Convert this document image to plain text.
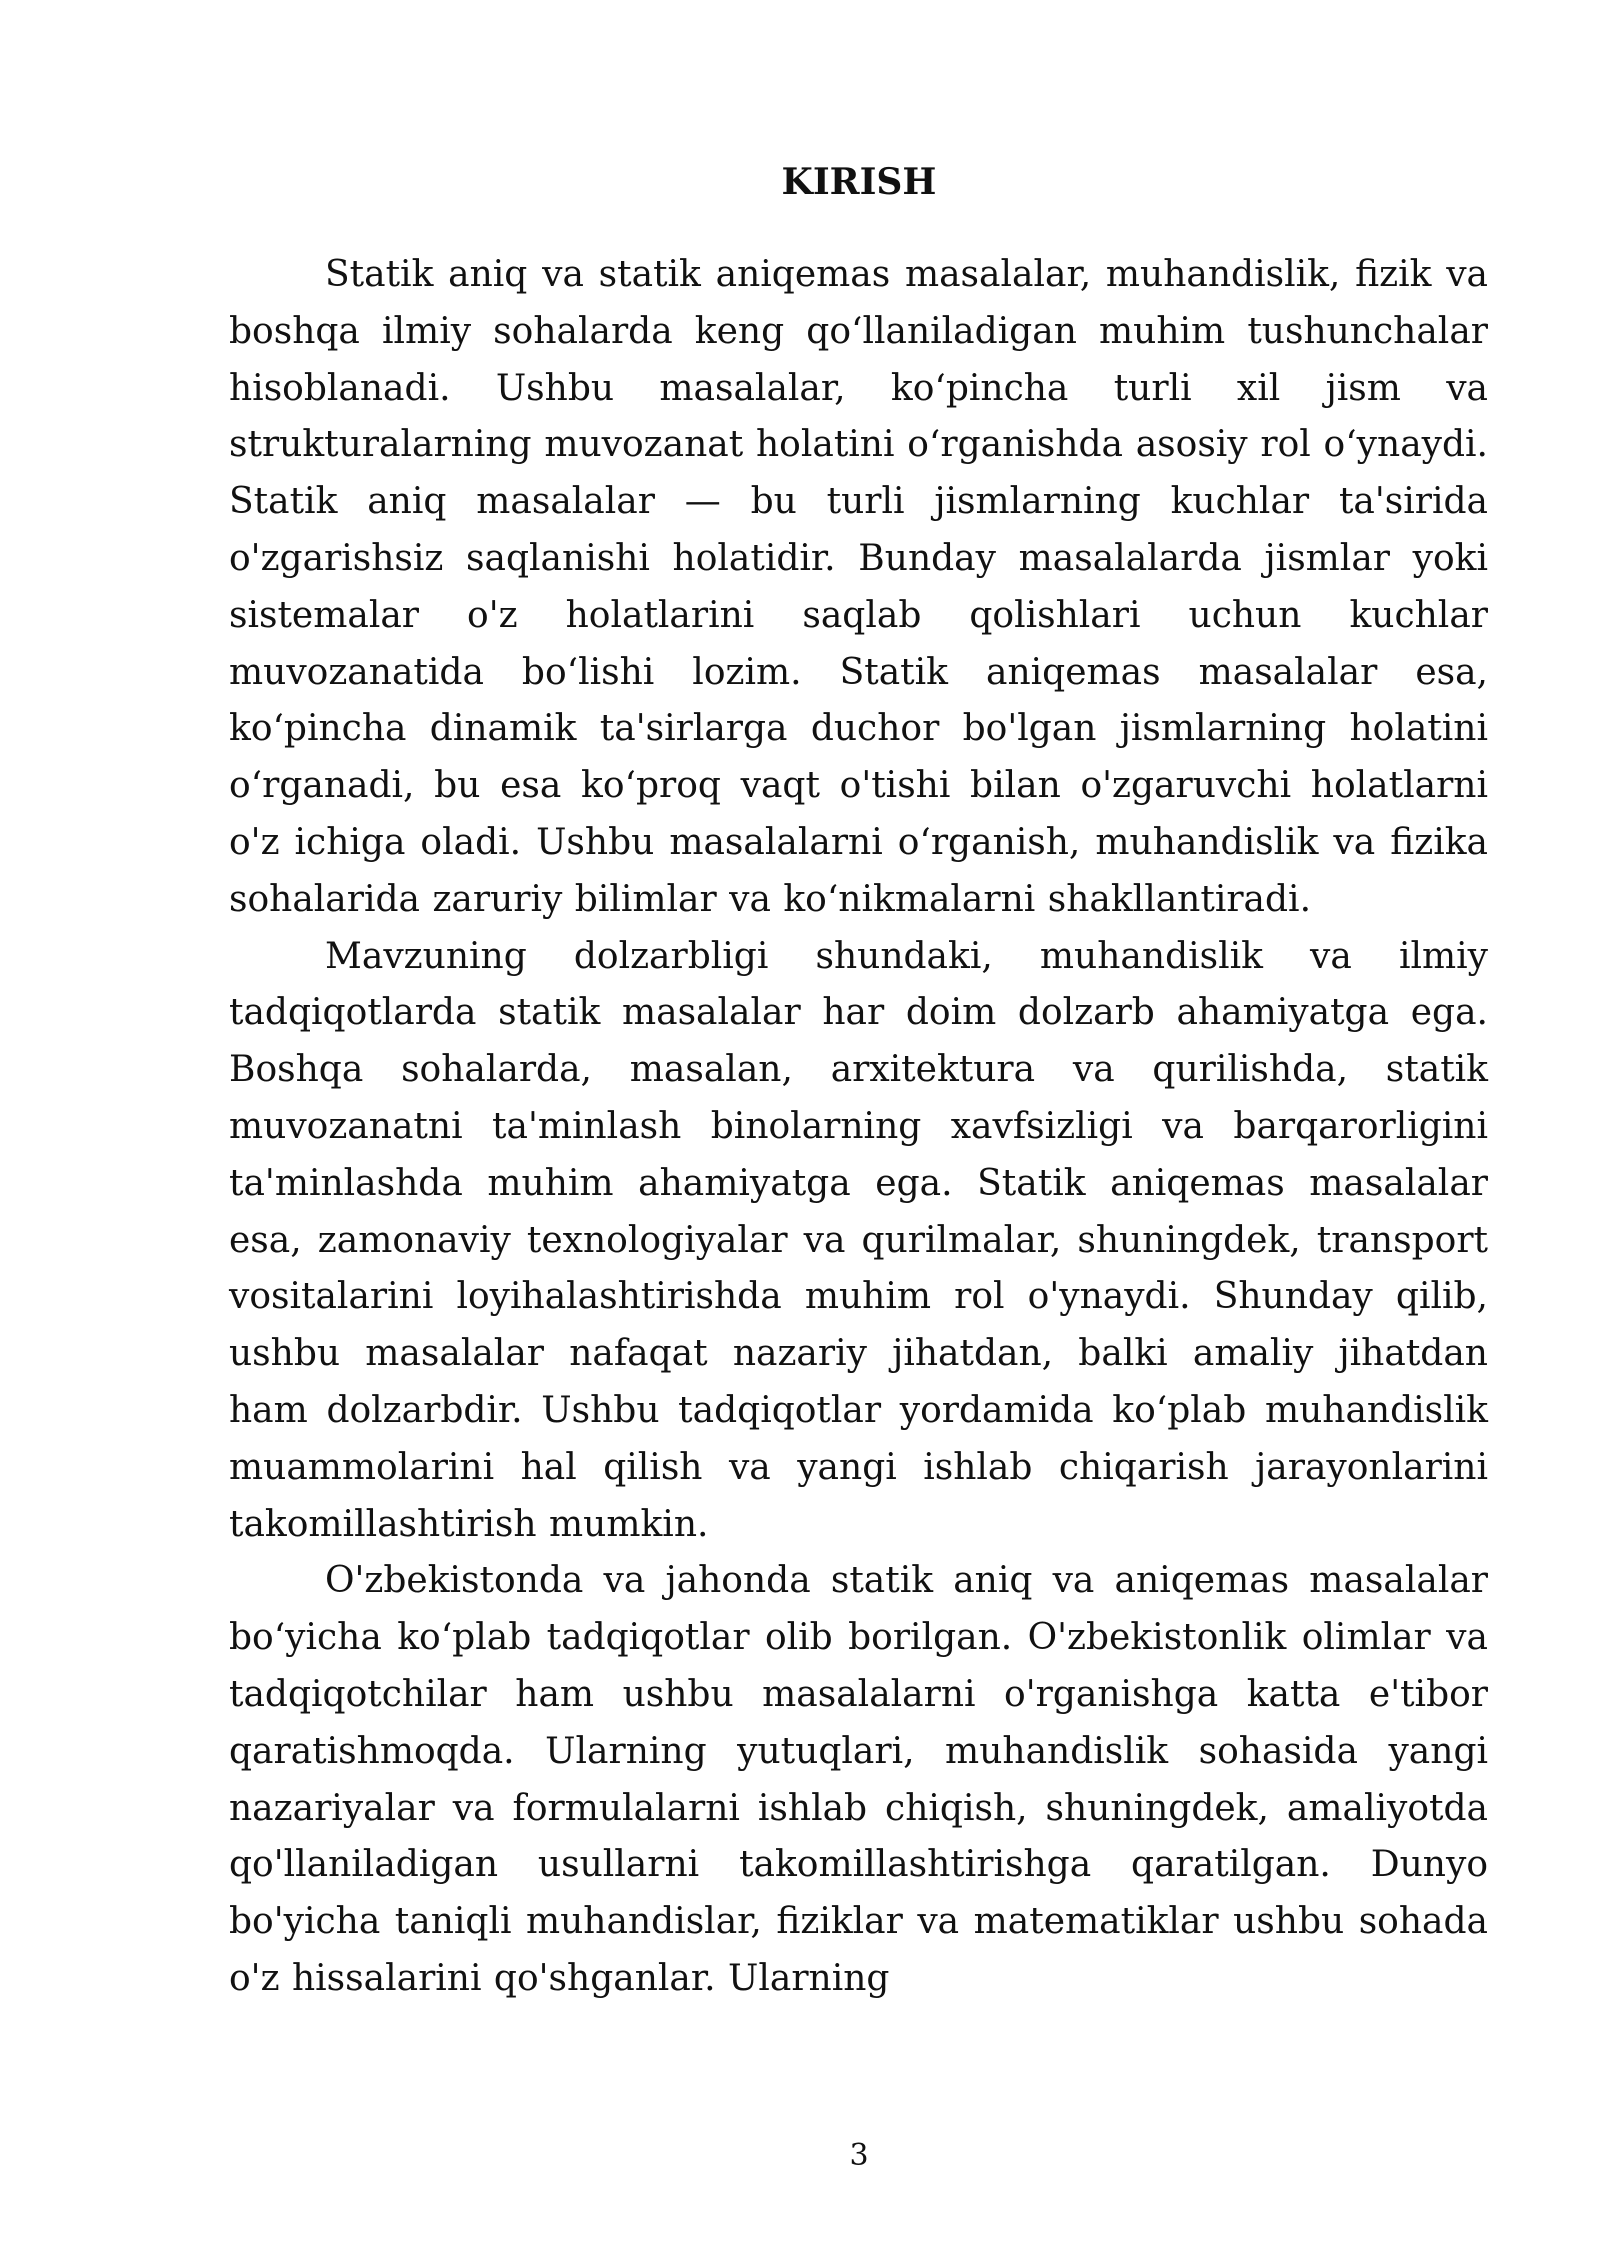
KIRISH

Statik aniq va statik aniqemas masalalar, muhandislik, fizik va boshqa ilmiy sohalarda keng qo‘llaniladigan muhim tushunchalar hisoblanadi. Ushbu masalalar, ko‘pincha turli xil jism va strukturalarning muvozanat holatini o‘rganishda asosiy rol o‘ynaydi. Statik aniq masalalar — bu turli jismlarning kuchlar ta'sirida o'zgarishsiz saqlanishi holatidir. Bunday masalalarda jismlar yoki sistemalar o'z holatlarini saqlab qolishlari uchun kuchlar muvozanatida bo‘lishi lozim. Statik aniqemas masalalar esa, ko‘pincha dinamik ta'sirlarga duchor bo'lgan jismlarning holatini o‘rganadi, bu esa ko‘proq vaqt o'tishi bilan o'zgaruvchi holatlarni o'z ichiga oladi. Ushbu masalalarni o‘rganish, muhandislik va fizika sohalarida zaruriy bilimlar va ko‘nikmalarni shakllantiradi.

Mavzuning dolzarbligi shundaki, muhandislik va ilmiy tadqiqotlarda statik masalalar har doim dolzarb ahamiyatga ega. Boshqa sohalarda, masalan, arxitektura va qurilishda, statik muvozanatni ta'minlash binolarning xavfsizligi va barqarorligini ta'minlashda muhim ahamiyatga ega. Statik aniqemas masalalar esa, zamonaviy texnologiyalar va qurilmalar, shuningdek, transport vositalarini loyihalashtirishda muhim rol o'ynaydi. Shunday qilib, ushbu masalalar nafaqat nazariy jihatdan, balki amaliy jihatdan ham dolzarbdir. Ushbu tadqiqotlar yordamida ko‘plab muhandislik muammolarini hal qilish va yangi ishlab chiqarish jarayonlarini takomillashtirish mumkin.

O'zbekistonda va jahonda statik aniq va aniqemas masalalar bo‘yicha ko‘plab tadqiqotlar olib borilgan. O'zbekistonlik olimlar va tadqiqotchilar ham ushbu masalalarni o'rganishga katta e'tibor qaratishmoqda. Ularning yutuqlari, muhandislik sohasida yangi nazariyalar va formulalarni ishlab chiqish, shuningdek, amaliyotda qo'llaniladigan usullarni takomillashtirishga qaratilgan. Dunyo bo'yicha taniqli muhandislar, fiziklar va matematiklar ushbu sohada o'z hissalarini qo'shganlar. Ularning

3
